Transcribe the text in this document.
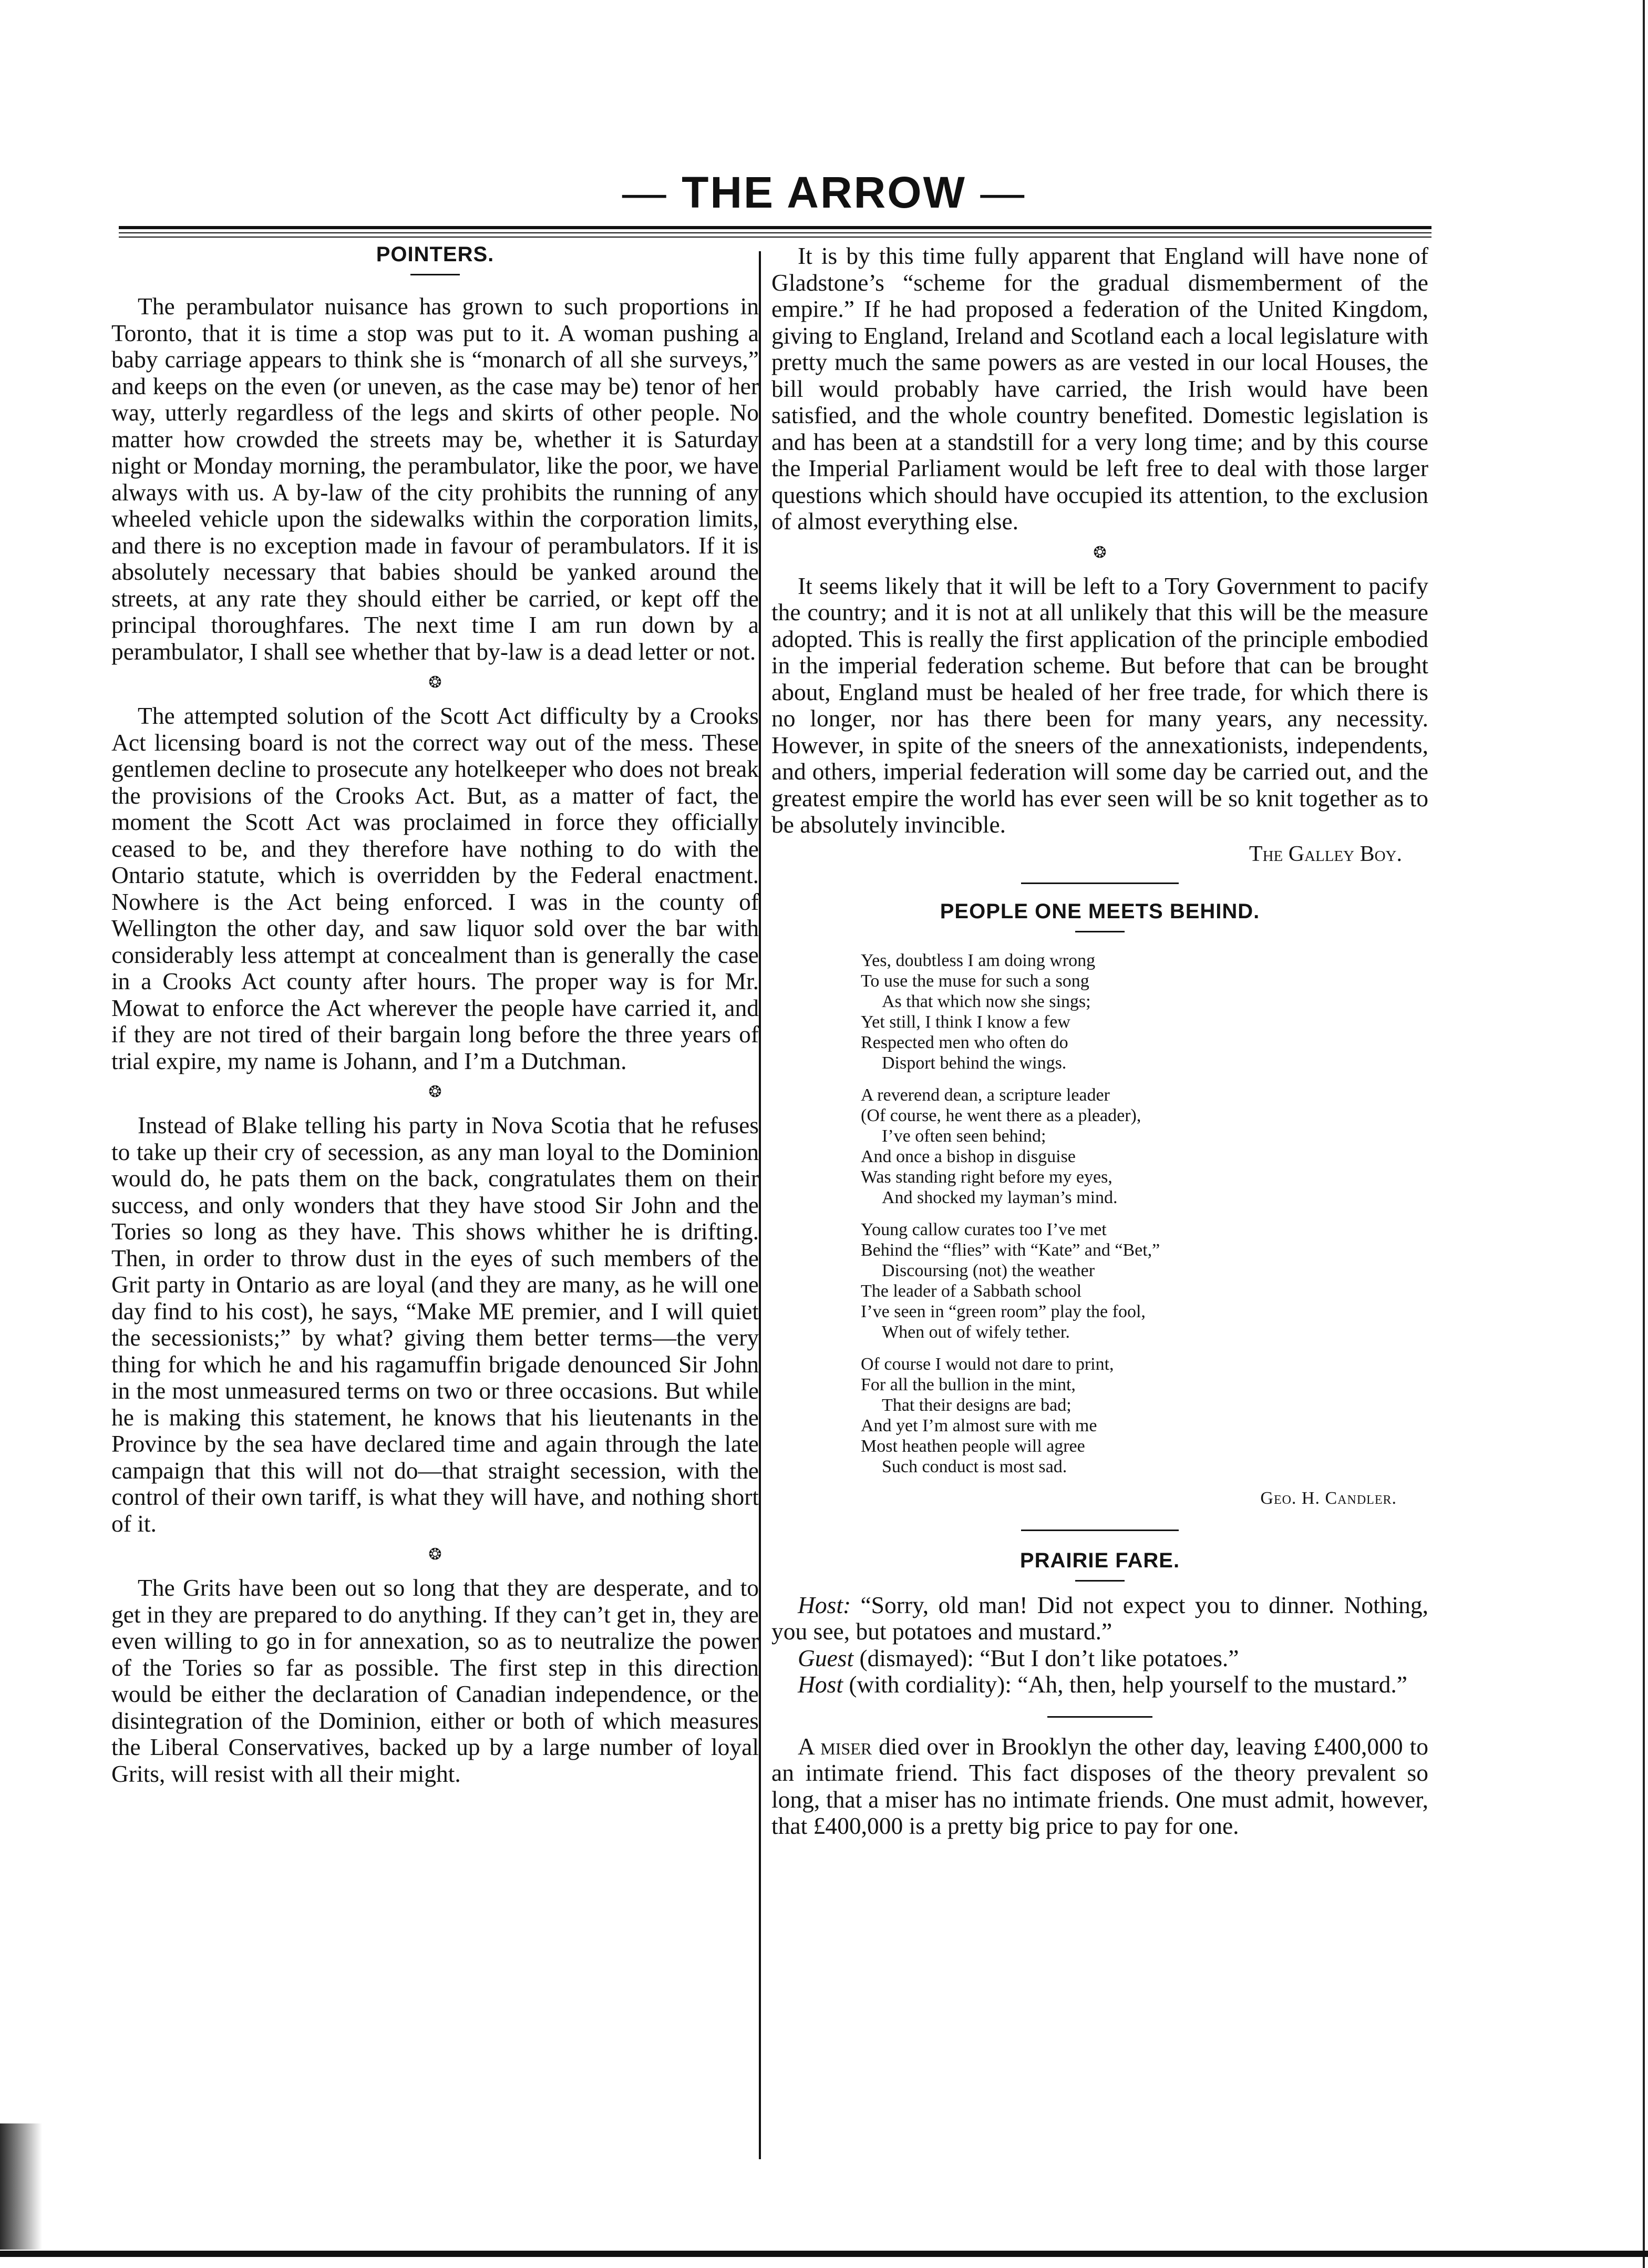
— THE ARROW —
POINTERS.

The perambulator nuisance has grown to such proportions in Toronto, that it is time a stop was put to it. A woman pushing a baby carriage appears to think she is “monarch of all she surveys,” and keeps on the even (or uneven, as the case may be) tenor of her way, utterly regardless of the legs and skirts of other people. No matter how crowded the streets may be, whether it is Saturday night or Monday morning, the perambulator, like the poor, we have always with us. A by-law of the city prohibits the running of any wheeled vehicle upon the sidewalks within the corporation limits, and there is no exception made in favour of perambulators. If it is absolutely necessary that babies should be yanked around the streets, at any rate they should either be carried, or kept off the principal thoroughfares. The next time I am run down by a perambulator, I shall see whether that by-law is a dead letter or not.

❂

The attempted solution of the Scott Act difficulty by a Crooks Act licensing board is not the correct way out of the mess. These gentlemen decline to prosecute any hotelkeeper who does not break the provisions of the Crooks Act. But, as a matter of fact, the moment the Scott Act was proclaimed in force they officially ceased to be, and they therefore have nothing to do with the Ontario statute, which is overridden by the Federal enactment. Nowhere is the Act being enforced. I was in the county of Wellington the other day, and saw liquor sold over the bar with considerably less attempt at concealment than is generally the case in a Crooks Act county after hours. The proper way is for Mr. Mowat to enforce the Act wherever the people have carried it, and if they are not tired of their bargain long before the three years of trial expire, my name is Johann, and I’m a Dutchman.

❂

Instead of Blake telling his party in Nova Scotia that he refuses to take up their cry of secession, as any man loyal to the Dominion would do, he pats them on the back, congratulates them on their success, and only wonders that they have stood Sir John and the Tories so long as they have. This shows whither he is drifting. Then, in order to throw dust in the eyes of such members of the Grit party in Ontario as are loyal (and they are many, as he will one day find to his cost), he says, “Make ME premier, and I will quiet the secessionists;” by what? giving them better terms—the very thing for which he and his ragamuffin brigade denounced Sir John in the most unmeasured terms on two or three occasions. But while he is making this statement, he knows that his lieutenants in the Province by the sea have declared time and again through the late campaign that this will not do—that straight secession, with the control of their own tariff, is what they will have, and nothing short of it.

❂

The Grits have been out so long that they are desperate, and to get in they are prepared to do anything. If they can’t get in, they are even willing to go in for annexation, so as to neutralize the power of the Tories so far as possible. The first step in this direction would be either the declaration of Canadian independence, or the disintegration of the Dominion, either or both of which measures the Liberal Conservatives, backed up by a large number of loyal Grits, will resist with all their might.

It is by this time fully apparent that England will have none of Gladstone’s “scheme for the gradual dismemberment of the empire.” If he had proposed a federation of the United Kingdom, giving to England, Ireland and Scotland each a local legislature with pretty much the same powers as are vested in our local Houses, the bill would probably have carried, the Irish would have been satisfied, and the whole country benefited. Domestic legislation is and has been at a standstill for a very long time; and by this course the Imperial Parliament would be left free to deal with those larger questions which should have occupied its attention, to the exclusion of almost everything else.

❂

It seems likely that it will be left to a Tory Government to pacify the country; and it is not at all unlikely that this will be the measure adopted. This is really the first application of the principle embodied in the imperial federation scheme. But before that can be brought about, England must be healed of her free trade, for which there is no longer, nor has there been for many years, any necessity. However, in spite of the sneers of the annexationists, independents, and others, imperial federation will some day be carried out, and the greatest empire the world has ever seen will be so knit together as to be absolutely invincible.

The Galley Boy.
PEOPLE ONE MEETS BEHIND.
Yes, doubtless I am doing wrong
To use the muse for such a song
As that which now she sings;
Yet still, I think I know a few
Respected men who often do
Disport behind the wings.
A reverend dean, a scripture leader
(Of course, he went there as a pleader),
I’ve often seen behind;
And once a bishop in disguise
Was standing right before my eyes,
And shocked my layman’s mind.
Young callow curates too I’ve met
Behind the “flies” with “Kate” and “Bet,”
Discoursing (not) the weather
The leader of a Sabbath school
I’ve seen in “green room” play the fool,
When out of wifely tether.
Of course I would not dare to print,
For all the bullion in the mint,
That their designs are bad;
And yet I’m almost sure with me
Most heathen people will agree
Such conduct is most sad.
Geo. H. Candler.
PRAIRIE FARE.

Host: “Sorry, old man! Did not expect you to dinner. Nothing, you see, but potatoes and mustard.”

Guest (dismayed): “But I don’t like potatoes.”

Host (with cordiality): “Ah, then, help yourself to the mustard.”

A miser died over in Brooklyn the other day, leaving £400,000 to an intimate friend. This fact disposes of the theory prevalent so long, that a miser has no intimate friends. One must admit, however, that £400,000 is a pretty big price to pay for one.
